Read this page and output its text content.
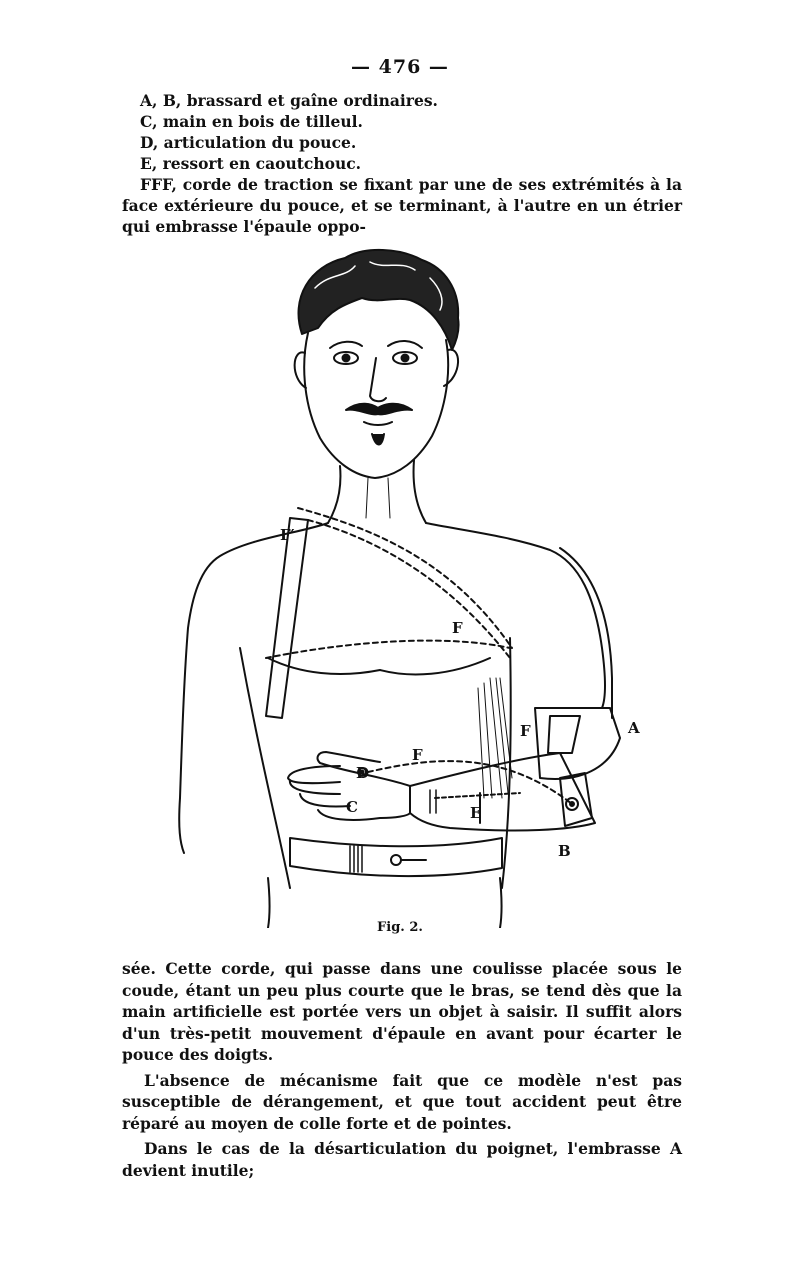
— 476 —
A, B, brassard et gaîne ordinaires.
C, main en bois de tilleul.
D, articulation du pouce.
E, ressort en caoutchouc.
FFF, corde de traction se fixant par une de ses extrémités à la face extérieure du pouce, et se terminant, à l'autre en un étrier qui embrasse l'épaule oppo-
A
B
C
D
E
F
F
F
F′
Fig. 2.

sée. Cette corde, qui passe dans une coulisse placée sous le coude, étant un peu plus courte que le bras, se tend dès que la main artificielle est portée vers un objet à saisir. Il suffit alors d'un très-petit mouvement d'épaule en avant pour écarter le pouce des doigts.

L'absence de mécanisme fait que ce modèle n'est pas susceptible de dérangement, et que tout accident peut être réparé au moyen de colle forte et de pointes.

Dans le cas de la désarticulation du poignet, l'embrasse A devient inutile;
